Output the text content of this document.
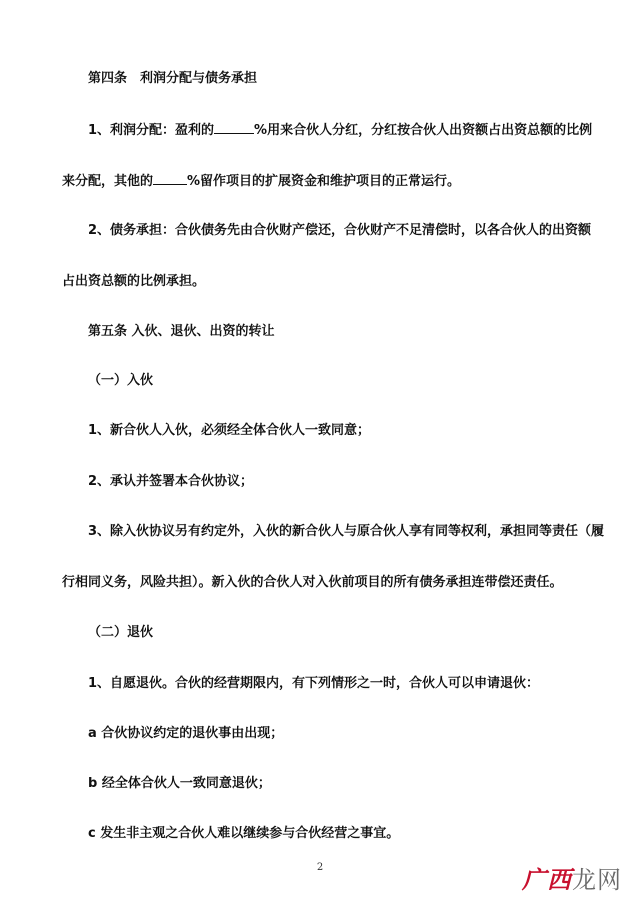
第四条　利润分配与债务承担
1、利润分配：盈利的	%用来合伙人分红，分红按合伙人出资额占出资总额的比例
来分配，其他的	%留作项目的扩展资金和维护项目的正常运行。
2、债务承担：合伙债务先由合伙财产偿还，合伙财产不足清偿时，以各合伙人的出资额
占出资总额的比例承担。
第五条 入伙、退伙、出资的转让
（一）入伙
1、新合伙人入伙，必须经全体合伙人一致同意；
2、承认并签署本合伙协议；
3、除入伙协议另有约定外，入伙的新合伙人与原合伙人享有同等权利，承担同等责任（履
行相同义务，风险共担）。新入伙的合伙人对入伙前项目的所有债务承担连带偿还责任。
（二）退伙
1、自愿退伙。合伙的经营期限内，有下列情形之一时，合伙人可以申请退伙：
a 合伙协议约定的退伙事由出现；
b 经全体合伙人一致同意退伙；
c 发生非主观之合伙人难以继续参与合伙经营之事宜。
2	广西龙网
